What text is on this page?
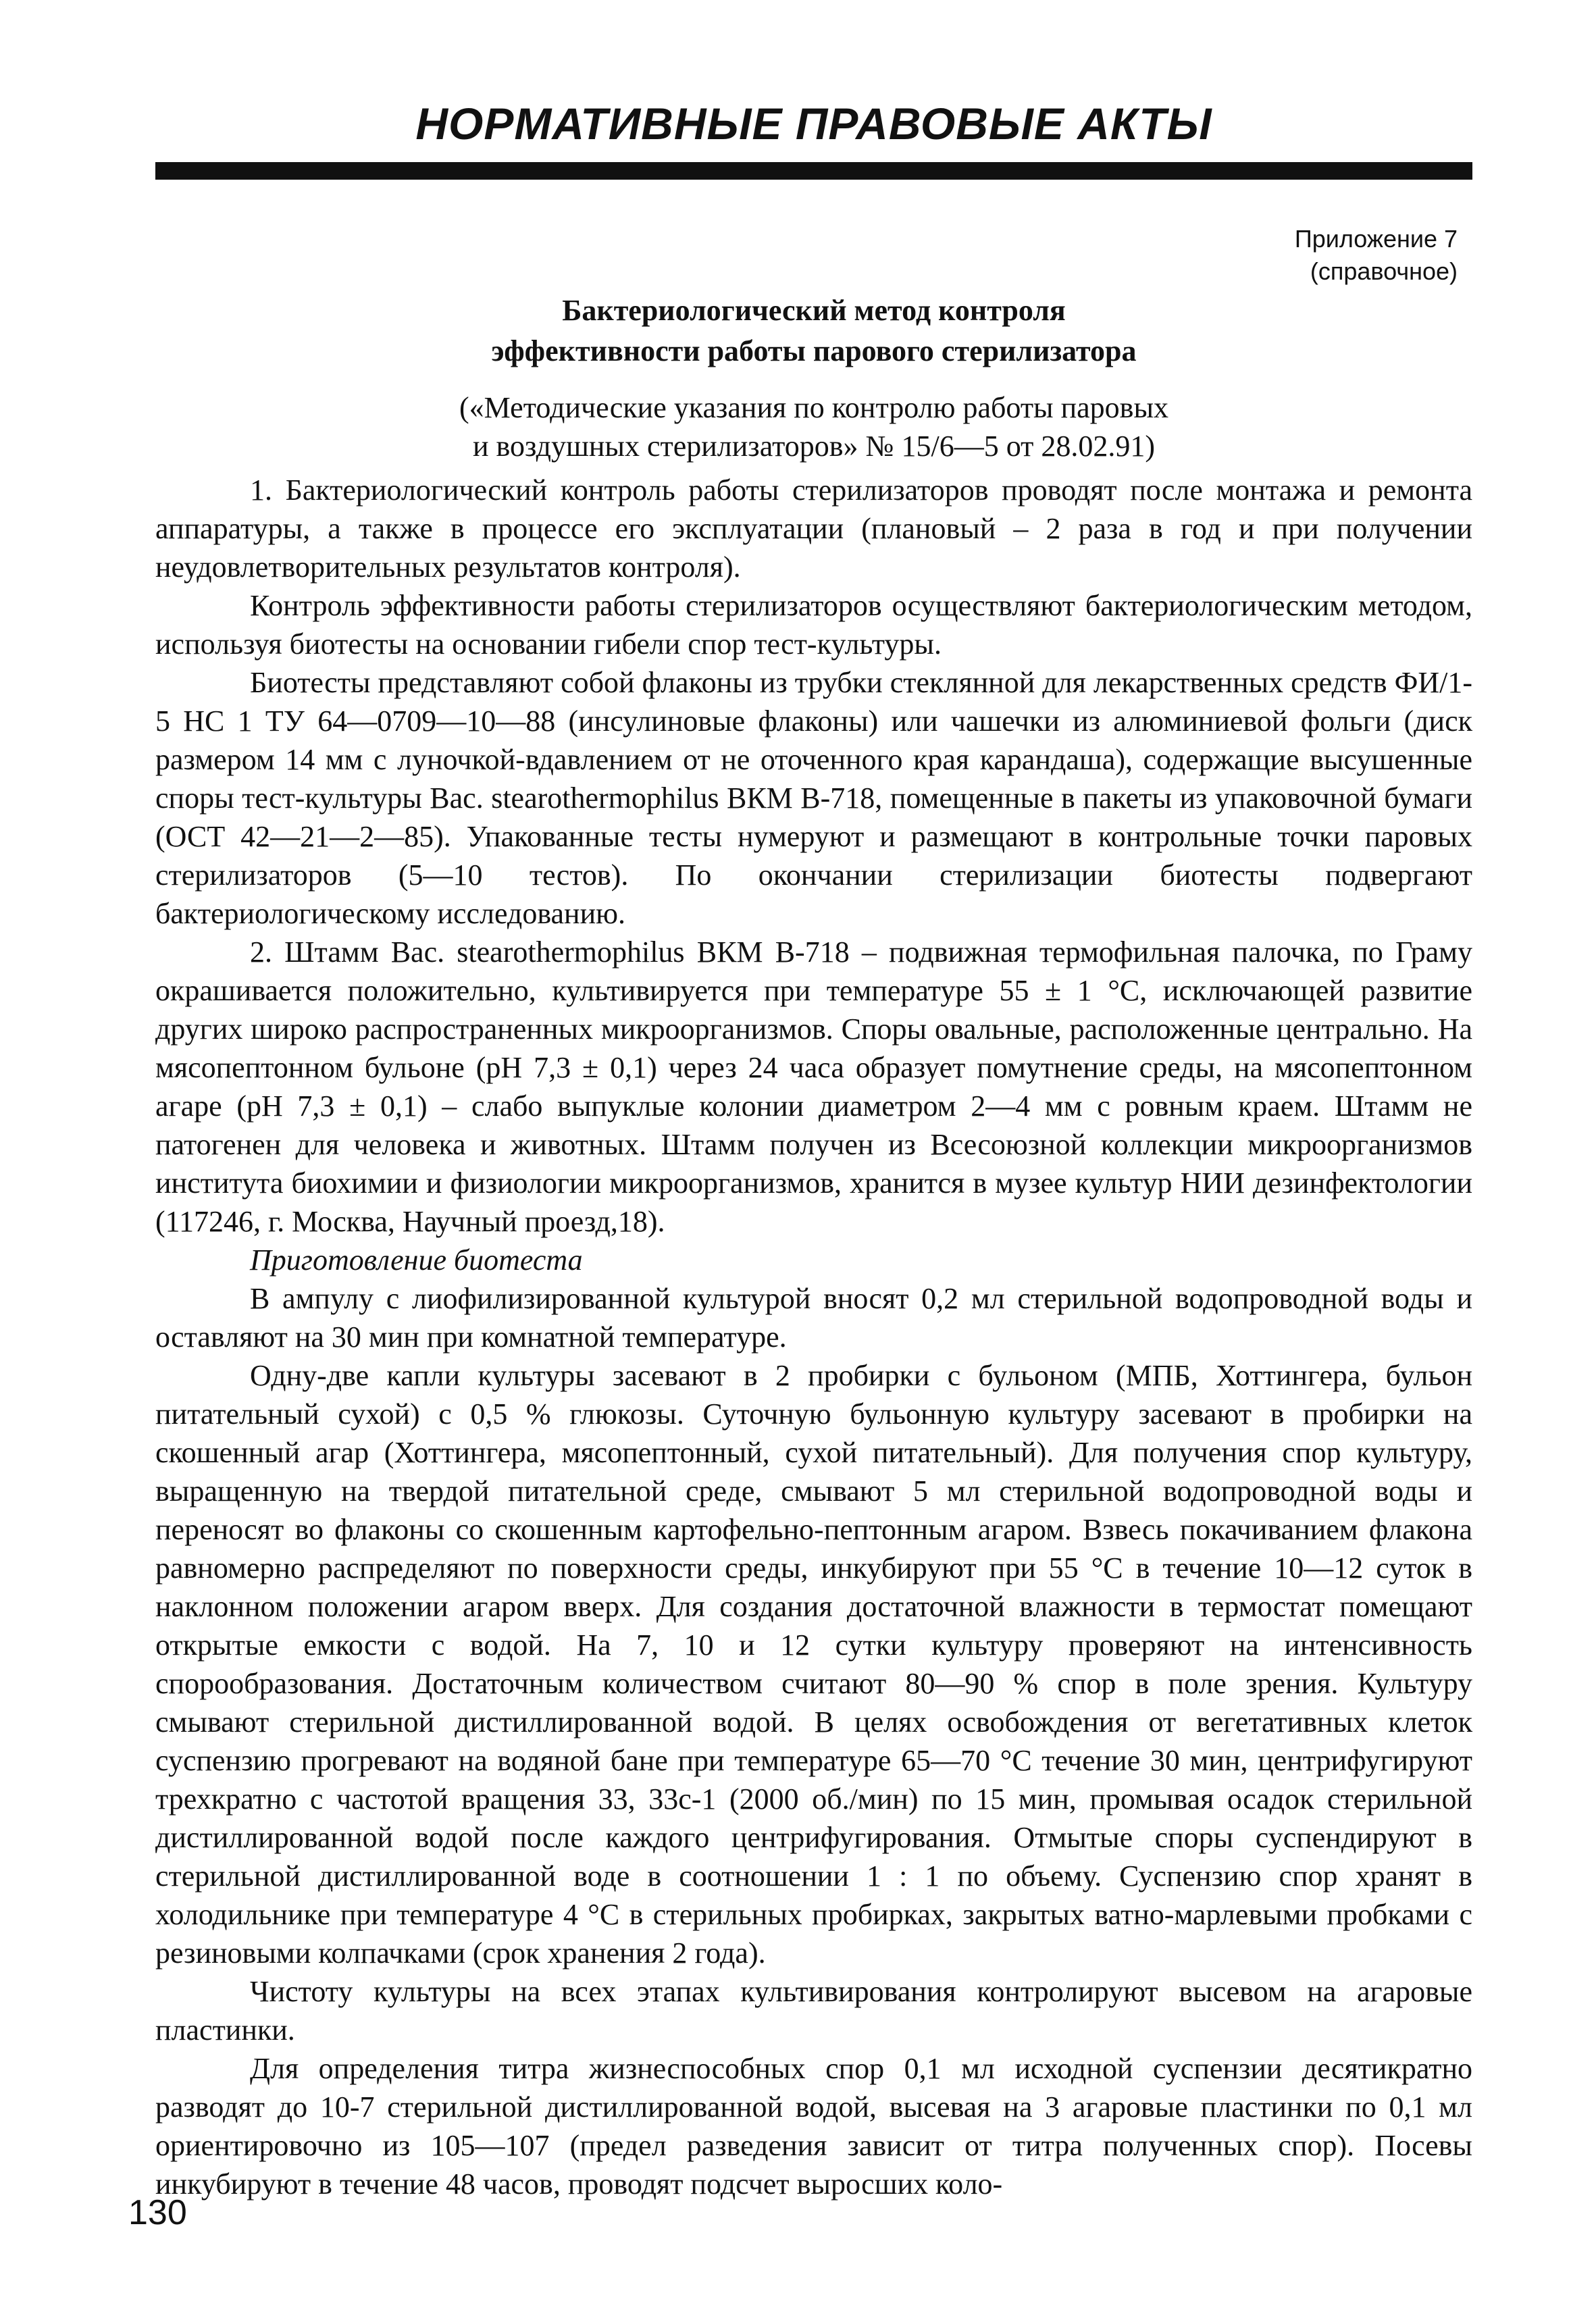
НОРМАТИВНЫЕ ПРАВОВЫЕ АКТЫ
Приложение 7
(справочное)
Бактериологический метод контроля
эффективности работы парового стерилизатора
(«Методические указания по контролю работы паровых
и воздушных стерилизаторов» № 15/6—5 от 28.02.91)

1. Бактериологический контроль работы стерилизаторов проводят после монтажа и ремонта аппаратуры, а также в процессе его эксплуатации (плановый – 2 раза в год и при получении неудовлетворительных результатов контроля).

Контроль эффективности работы стерилизаторов осуществляют бактериологическим методом, используя биотесты на основании гибели спор тест-культуры.

Биотесты представляют собой флаконы из трубки стеклянной для лекарственных средств ФИ/1-5 НС 1 ТУ 64—0709—10—88 (инсулиновые флаконы) или чашечки из алюминиевой фольги (диск размером 14 мм с луночкой-вдавлением от не оточенного края карандаша), содержащие высушенные споры тест-культуры Bac. stearothermophilus ВКМ В-718, помещенные в пакеты из упаковочной бумаги (ОСТ 42—21—2—85). Упакованные тесты нумеруют и размещают в контрольные точки паровых стерилизаторов (5—10 тестов). По окончании стерилизации биотесты подвергают бактериологическому исследованию.

2. Штамм Bac. stearothermophilus ВКМ В-718 – подвижная термофильная палочка, по Граму окрашивается положительно, культивируется при температуре 55 ± 1 °С, исключающей развитие других широко распространенных микроорганизмов. Споры овальные, расположенные центрально. На мясопептонном бульоне (рН 7,3 ± 0,1) через 24 часа образует помутнение среды, на мясопептонном агаре (рН 7,3 ± 0,1) – слабо выпуклые колонии диаметром 2—4 мм с ровным краем. Штамм не патогенен для человека и животных. Штамм получен из Всесоюзной коллекции микроорганизмов института биохимии и физиологии микроорганизмов, хранится в музее культур НИИ дезинфектологии (117246, г. Москва, Научный проезд,18).

Приготовление биотеста

В ампулу с лиофилизированной культурой вносят 0,2 мл стерильной водопроводной воды и оставляют на 30 мин при комнатной температуре.

Одну-две капли культуры засевают в 2 пробирки с бульоном (МПБ, Хоттингера, бульон питательный сухой) с 0,5 % глюкозы. Суточную бульонную культуру засевают в пробирки на скошенный агар (Хоттингера, мясопептонный, сухой питательный). Для получения спор культуру, выращенную на твердой питательной среде, смывают 5 мл стерильной водопроводной воды и переносят во флаконы со скошенным картофельно-пептонным агаром. Взвесь покачиванием флакона равномерно распределяют по поверхности среды, инкубируют при 55 °С в течение 10—12 суток в наклонном положении агаром вверх. Для создания достаточной влажности в термостат помещают открытые емкости с водой. На 7, 10 и 12 сутки культуру проверяют на интенсивность спорообразования. Достаточным количеством считают 80—90 % спор в поле зрения. Культуру смывают стерильной дистиллированной водой. В целях освобождения от вегетативных клеток суспензию прогревают на водяной бане при температуре 65—70 °С течение 30 мин, центрифугируют трехкратно с частотой вращения 33, 33с-1 (2000 об./мин) по 15 мин, промывая осадок стерильной дистиллированной водой после каждого центрифугирования. Отмытые споры суспендируют в стерильной дистиллированной воде в соотношении 1 : 1 по объему. Суспензию спор хранят в холодильнике при температуре 4 °С в стерильных пробирках, закрытых ватно-марлевыми пробками с резиновыми колпачками (срок хранения 2 года).

Чистоту культуры на всех этапах культивирования контролируют высевом на агаровые пластинки.

Для определения титра жизнеспособных спор 0,1 мл исходной суспензии десятикратно разводят до 10-7 стерильной дистиллированной водой, высевая на 3 агаровые пластинки по 0,1 мл ориентировочно из 105—107 (предел разведения зависит от титра полученных спор). Посевы инкубируют в течение 48 часов, проводят подсчет выросших коло-

130
